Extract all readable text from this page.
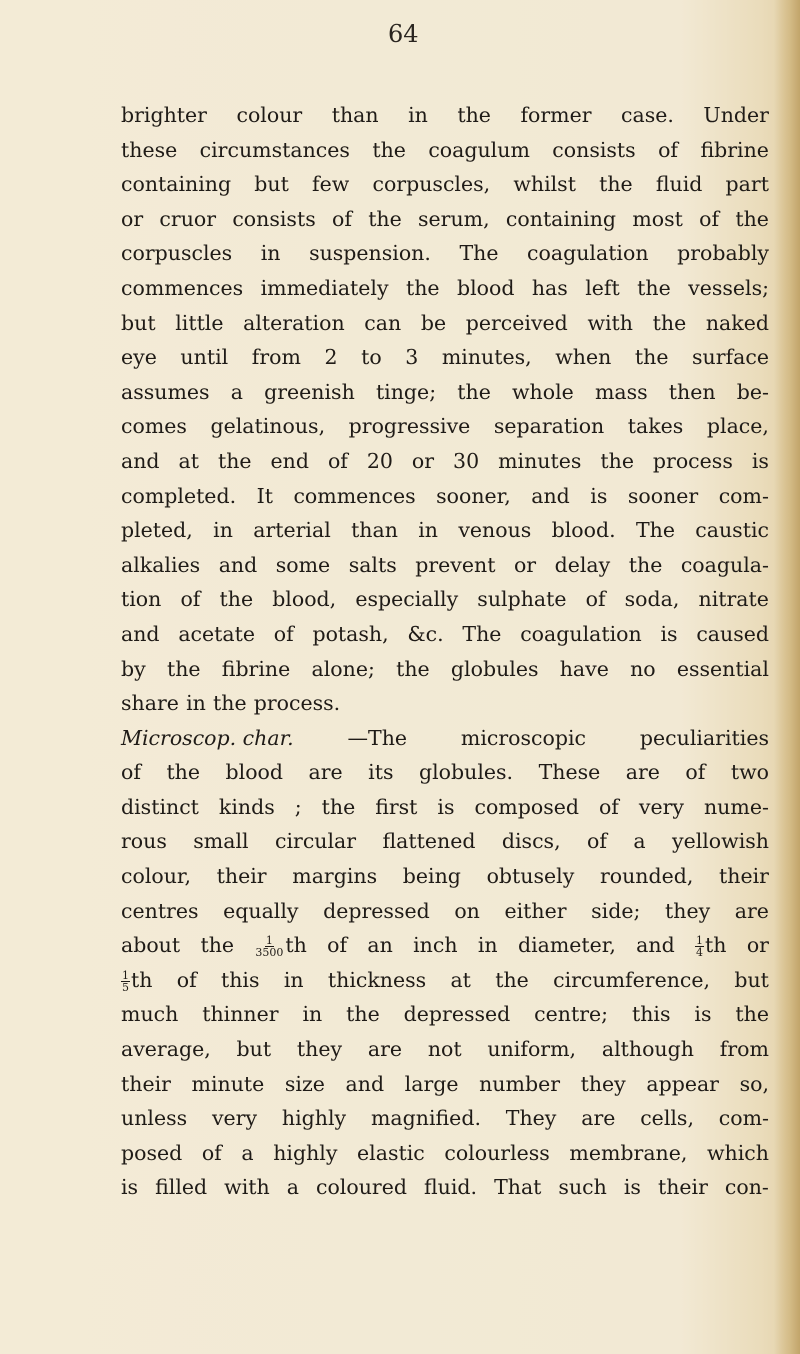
64
brighter colour than in the former case. Under
these circumstances the coagulum consists of fibrine
containing but few corpuscles, whilst the fluid part
or cruor consists of the serum, containing most of the
corpuscles in suspension. The coagulation probably
commences immediately the blood has left the vessels;
but little alteration can be perceived with the naked
eye until from 2 to 3 minutes, when the surface
assumes a greenish tinge; the whole mass then be-
comes gelatinous, progressive separation takes place,
and at the end of 20 or 30 minutes the process is
completed. It commences sooner, and is sooner com-
pleted, in arterial than in venous blood. The caustic
alkalies and some salts prevent or delay the coagula-
tion of the blood, especially sulphate of soda, nitrate
and acetate of potash, &c. The coagulation is caused
by the fibrine alone; the globules have no essential
share in the process.
Microscop. char.	—The	microscopic	peculiarities
of the blood are its globules. These are of two
distinct kinds ; the first is composed of very nume-
rous small circular flattened discs, of a yellowish
colour, their margins being obtusely rounded, their
centres equally depressed on either side; they are
about the $\frac{1}{3500}$ th of an inch in diameter, and $\frac{1}{4}$ th or
$\frac{1}{5}$ th of this in thickness at the circumference, but
much thinner in the depressed centre; this is the
average, but they are not uniform, although from
their minute size and large number they appear so,
unless very highly magnified. They are cells, com-
posed of a highly elastic colourless membrane, which
is filled with a coloured fluid. That such is their con-
